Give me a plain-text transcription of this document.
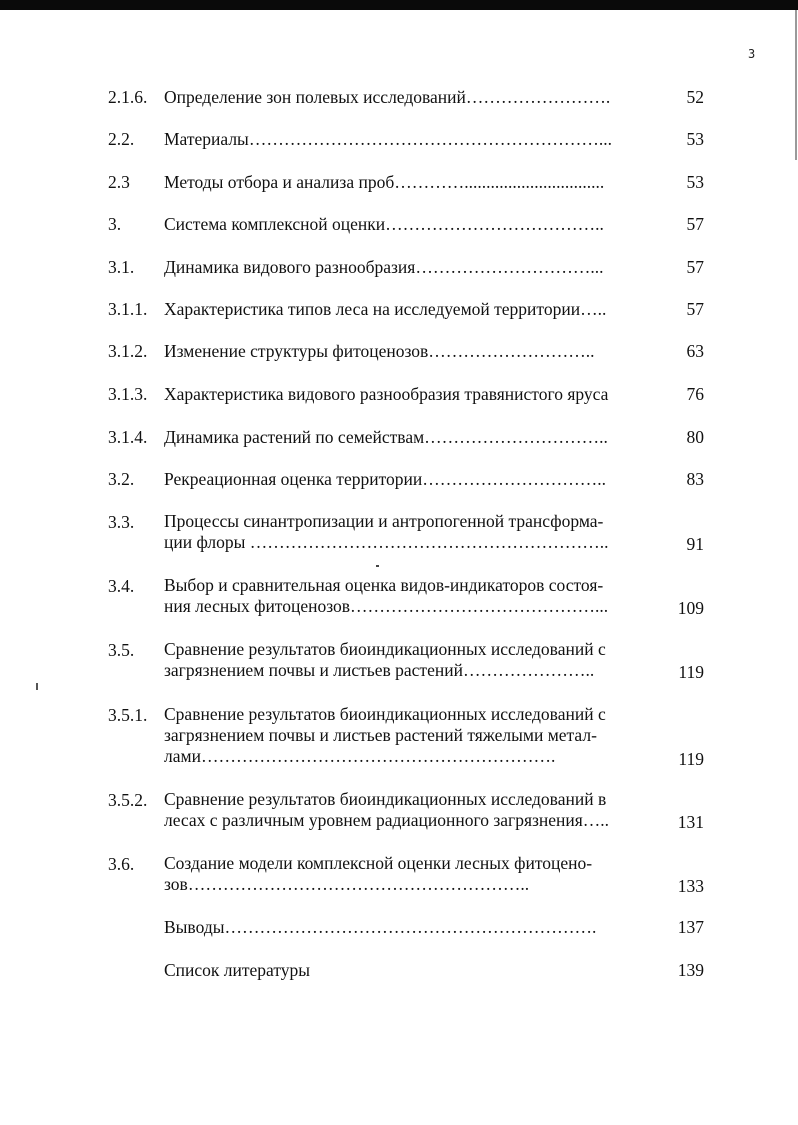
3
2.1.6. Определение зон полевых исследований…………………….	52
2.2. Материалы……………………………………………………...	53
2.3 Методы отбора и анализа проб…………................................	53
3. Система комплексной оценки………………………………..	57
3.1. Динамика видового разнообразия…………………………...	57
3.1.1. Характеристика типов леса на исследуемой территории…..	57
3.1.2. Изменение структуры фитоценозов………………………..	63
3.1.3. Характеристика видового разнообразия травянистого яруса	76
3.1.4. Динамика растений по семействам…………………………..	80
3.2. Рекреационная оценка территории…………………………..	83
3.3. Процессы синантропизации и антропогенной трансформа-
ции флоры ……………………………………………………..	91
3.4. Выбор и сравнительная оценка видов-индикаторов состоя-
ния лесных фитоценозов……………………………………...	109
3.5. Сравнение результатов биоиндикационных исследований с
загрязнением почвы и листьев растений…………………..	119
3.5.1. Сравнение результатов биоиндикационных исследований с
загрязнением почвы и листьев растений тяжелыми метал-
лами…………………………………………………….	119
3.5.2. Сравнение результатов биоиндикационных исследований в
лесах с различным уровнем радиационного загрязнения…..	131
3.6. Создание модели комплексной оценки лесных фитоцено-
зов…………………………………………………..	133
Выводы……………………………………………………….	137
Список литературы	139
